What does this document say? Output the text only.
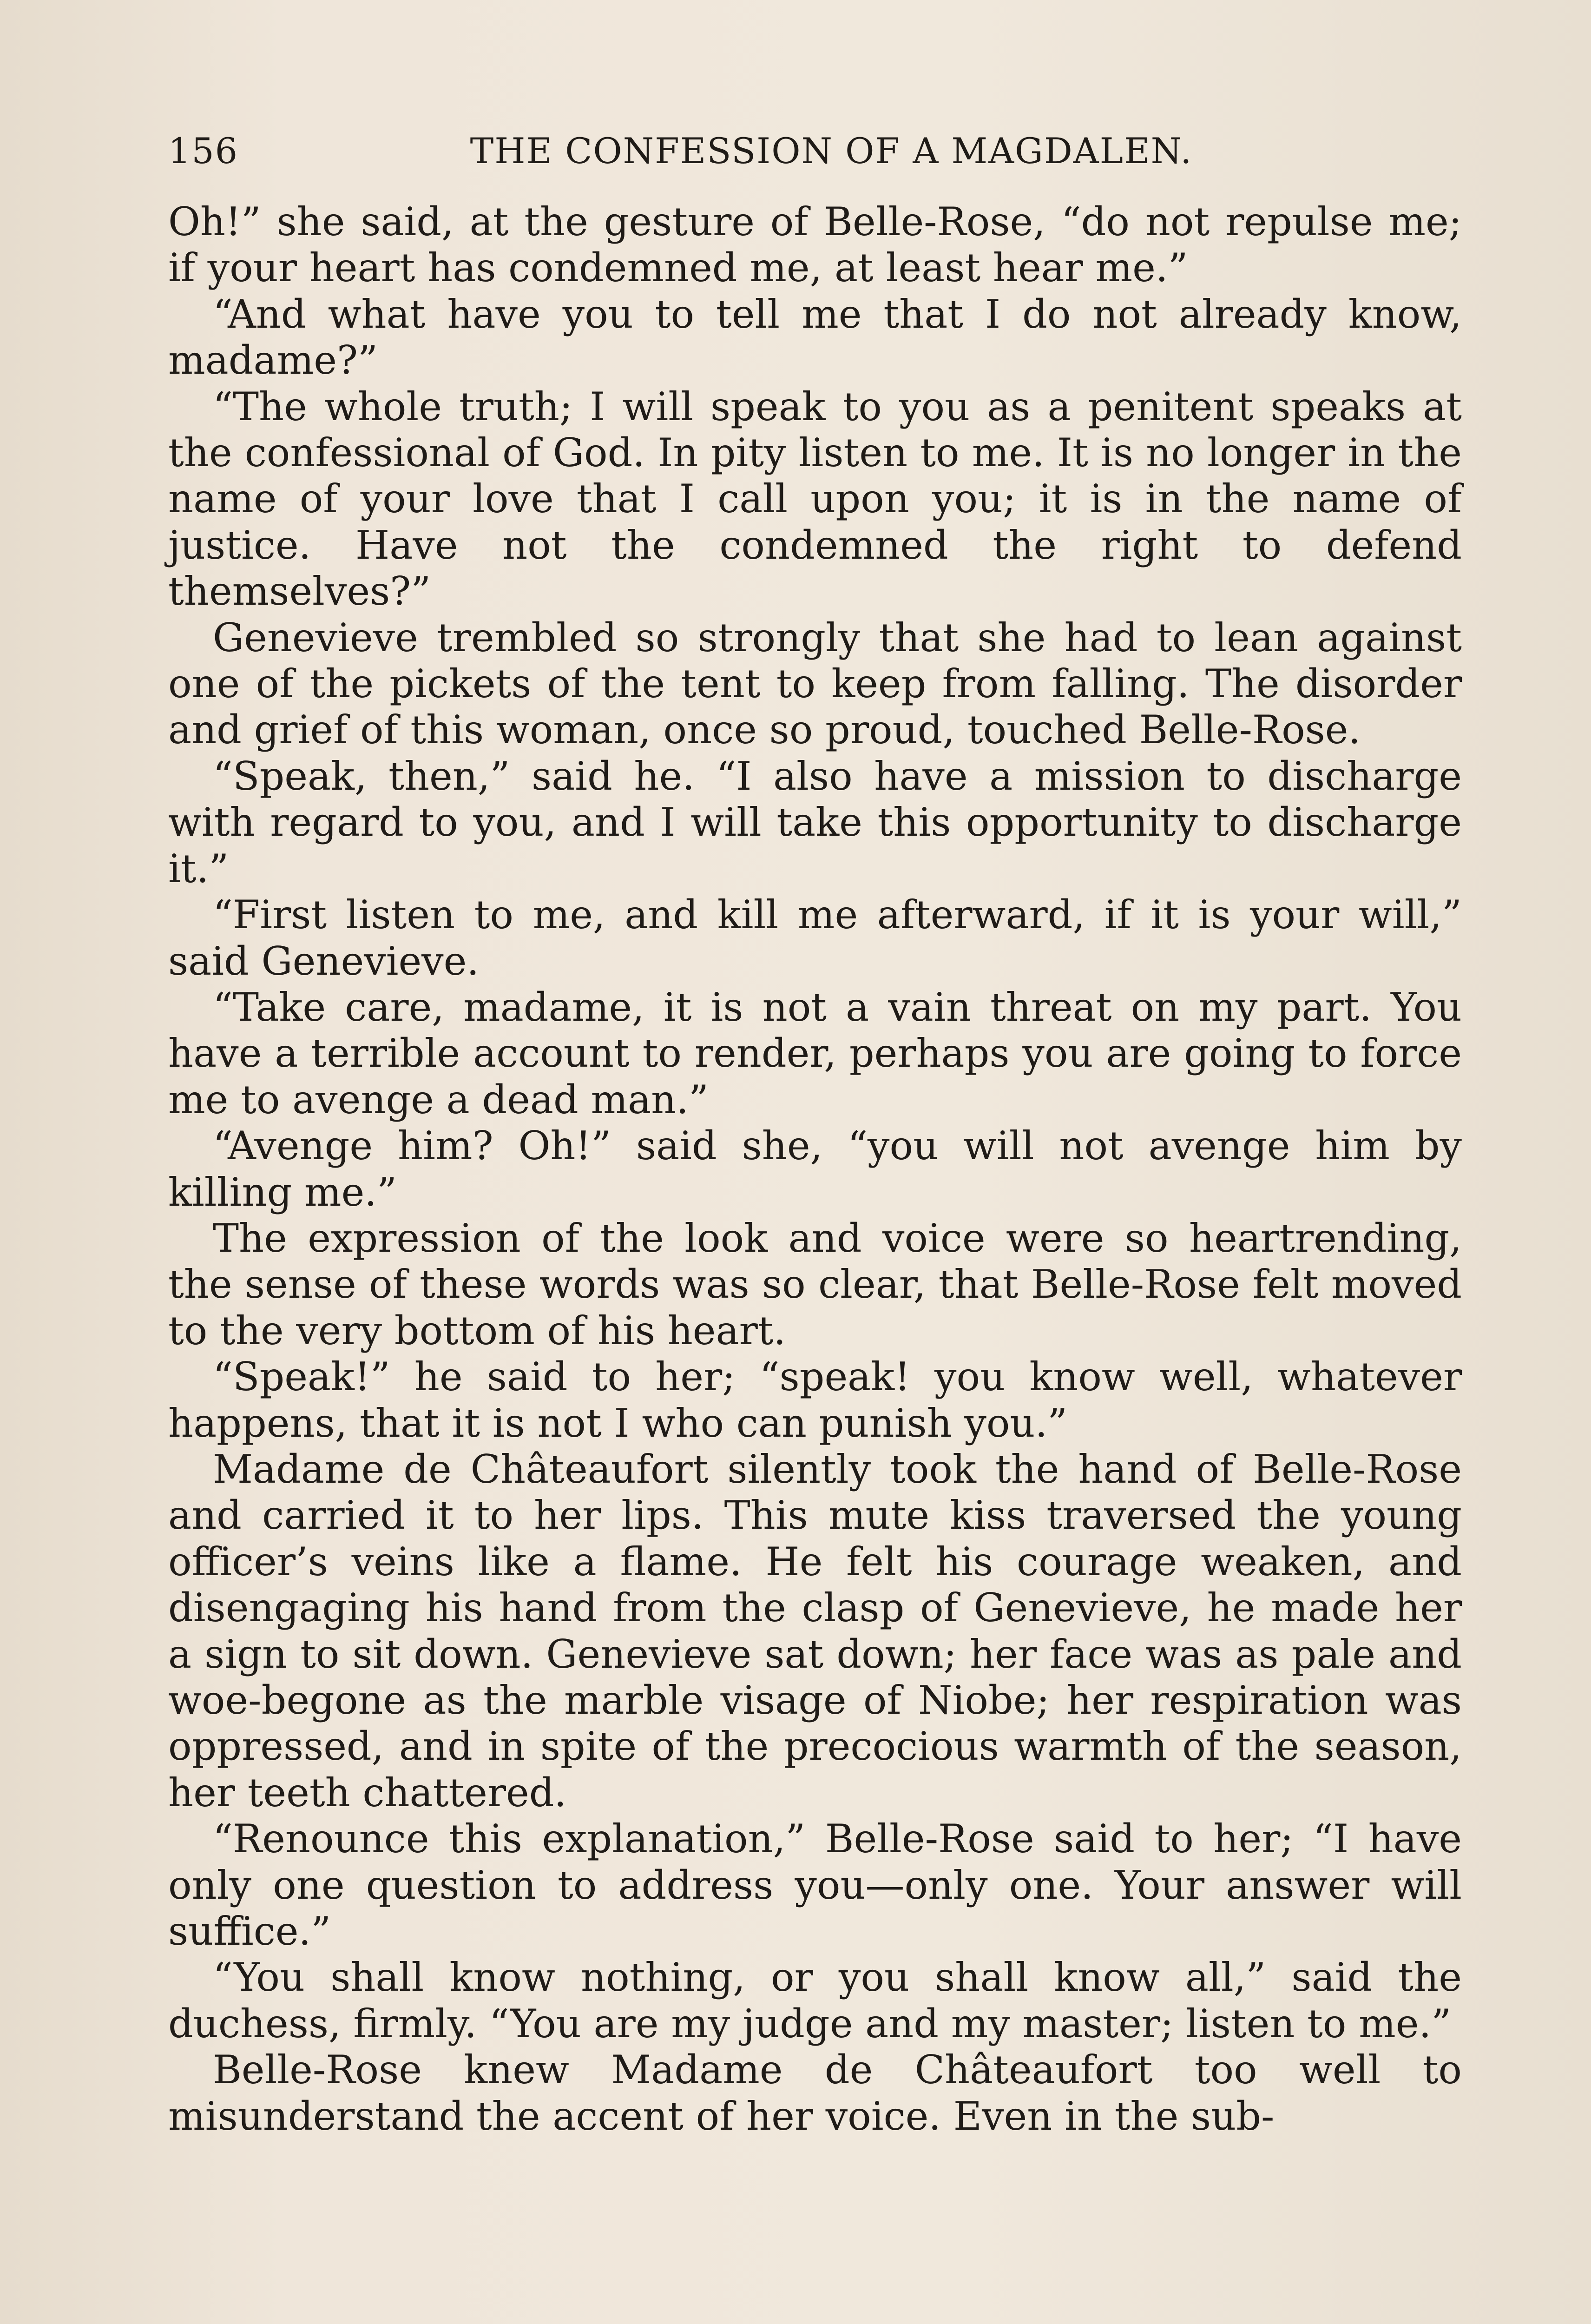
156	THE CONFESSION OF A MAGDALEN.

Oh!” she said, at the gesture of Belle-Rose, “do not repulse me; if your heart has condemned me, at least hear me.”

“And what have you to tell me that I do not already know, madame?”

“The whole truth; I will speak to you as a penitent speaks at the confessional of God. In pity listen to me. It is no longer in the name of your love that I call upon you; it is in the name of justice. Have not the condemned the right to defend themselves?”

Genevieve trembled so strongly that she had to lean against one of the pickets of the tent to keep from falling. The disorder and grief of this woman, once so proud, touched Belle-Rose.

“Speak, then,” said he. “I also have a mission to discharge with regard to you, and I will take this opportunity to discharge it.”

“First listen to me, and kill me afterward, if it is your will,” said Genevieve.

“Take care, madame, it is not a vain threat on my part. You have a terrible account to render, perhaps you are going to force me to avenge a dead man.”

“Avenge him? Oh!” said she, “you will not avenge him by killing me.”

The expression of the look and voice were so heartrending, the sense of these words was so clear, that Belle-Rose felt moved to the very bottom of his heart.

“Speak!” he said to her; “speak! you know well, whatever happens, that it is not I who can punish you.”

Madame de Châteaufort silently took the hand of Belle-Rose and carried it to her lips. This mute kiss traversed the young officer’s veins like a flame. He felt his courage weaken, and disengaging his hand from the clasp of Genevieve, he made her a sign to sit down. Genevieve sat down; her face was as pale and woe-begone as the marble visage of Niobe; her respiration was oppressed, and in spite of the precocious warmth of the season, her teeth chattered.

“Renounce this explanation,” Belle-Rose said to her; “I have only one question to address you—only one. Your answer will suffice.”

“You shall know nothing, or you shall know all,” said the duchess, firmly. “You are my judge and my master; listen to me.”

Belle-Rose knew Madame de Châteaufort too well to misunderstand the accent of her voice. Even in the sub-
